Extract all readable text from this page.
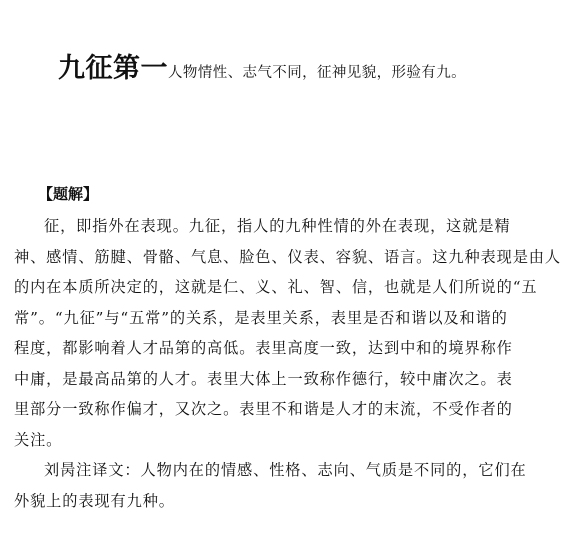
九征第一人物情性、志气不同，征神见貌，形验有九。
【题解】
征，即指外在表现。九征，指人的九种性情的外在表现，这就是精
神、感情、筋腱、骨骼、气息、脸色、仪表、容貌、语言。这九种表现是由人
的内在本质所决定的，这就是仁、义、礼、智、信，也就是人们所说的“五
常”。“九征”与“五常”的关系，是表里关系，表里是否和谐以及和谐的
程度，都影响着人才品第的高低。表里高度一致，达到中和的境界称作
中庸，是最高品第的人才。表里大体上一致称作德行，较中庸次之。表
里部分一致称作偏才，又次之。表里不和谐是人才的末流，不受作者的
关注。
刘昺注译文：人物内在的情感、性格、志向、气质是不同的，它们在
外貌上的表现有九种。
